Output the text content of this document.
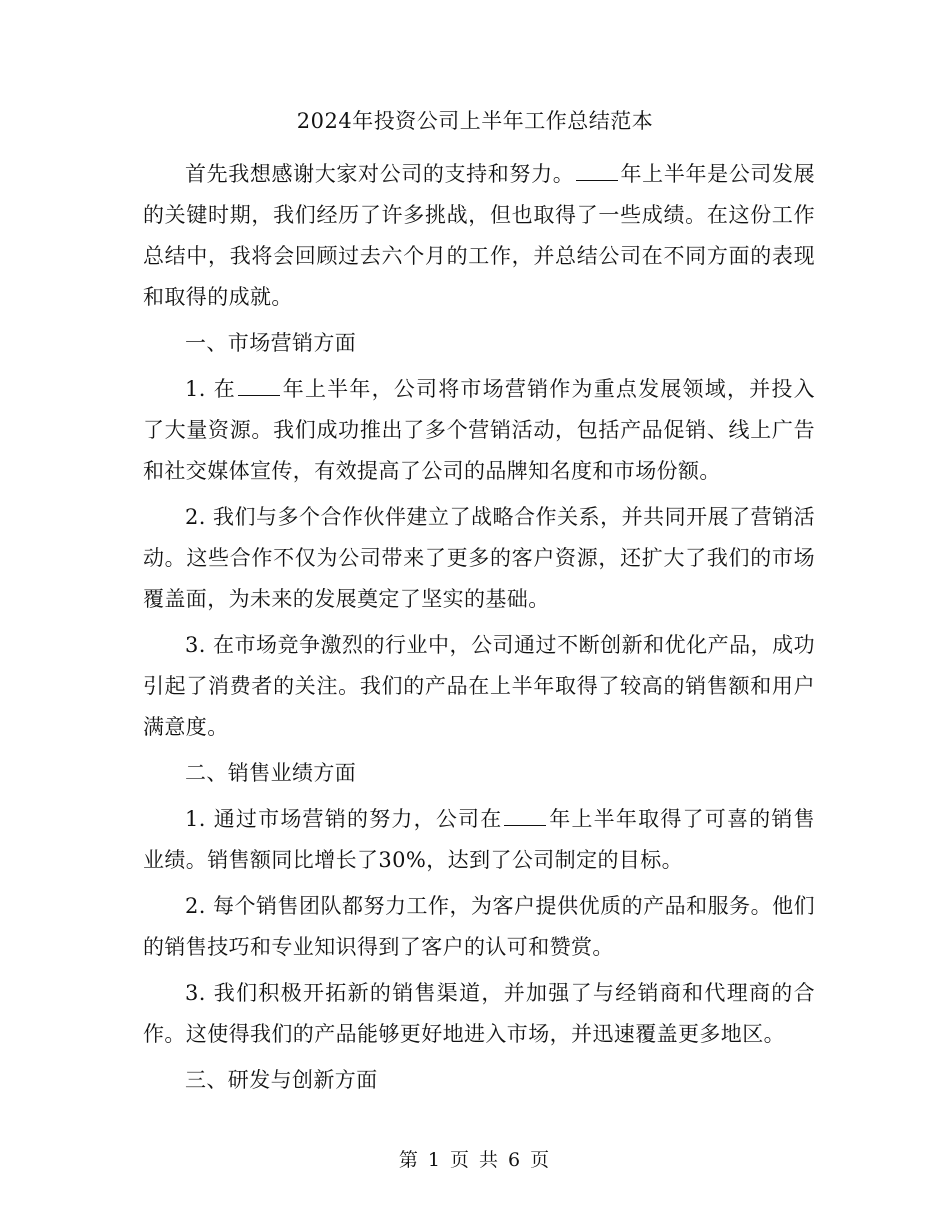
2024年投资公司上半年工作总结范本

首先我想感谢大家对公司的支持和努力。 年上半年是公司发展的关键时期，我们经历了许多挑战，但也取得了一些成绩。在这份工作总结中，我将会回顾过去六个月的工作，并总结公司在不同方面的表现和取得的成就。

一、市场营销方面

1. 在 年上半年，公司将市场营销作为重点发展领域，并投入了大量资源。我们成功推出了多个营销活动，包括产品促销、线上广告和社交媒体宣传，有效提高了公司的品牌知名度和市场份额。

2. 我们与多个合作伙伴建立了战略合作关系，并共同开展了营销活动。这些合作不仅为公司带来了更多的客户资源，还扩大了我们的市场覆盖面，为未来的发展奠定了坚实的基础。

3. 在市场竞争激烈的行业中，公司通过不断创新和优化产品，成功引起了消费者的关注。我们的产品在上半年取得了较高的销售额和用户满意度。

二、销售业绩方面

1. 通过市场营销的努力，公司在 年上半年取得了可喜的销售业绩。销售额同比增长了30%，达到了公司制定的目标。

2. 每个销售团队都努力工作，为客户提供优质的产品和服务。他们的销售技巧和专业知识得到了客户的认可和赞赏。

3. 我们积极开拓新的销售渠道，并加强了与经销商和代理商的合作。这使得我们的产品能够更好地进入市场，并迅速覆盖更多地区。

三、研发与创新方面

第 1 页 共 6 页
